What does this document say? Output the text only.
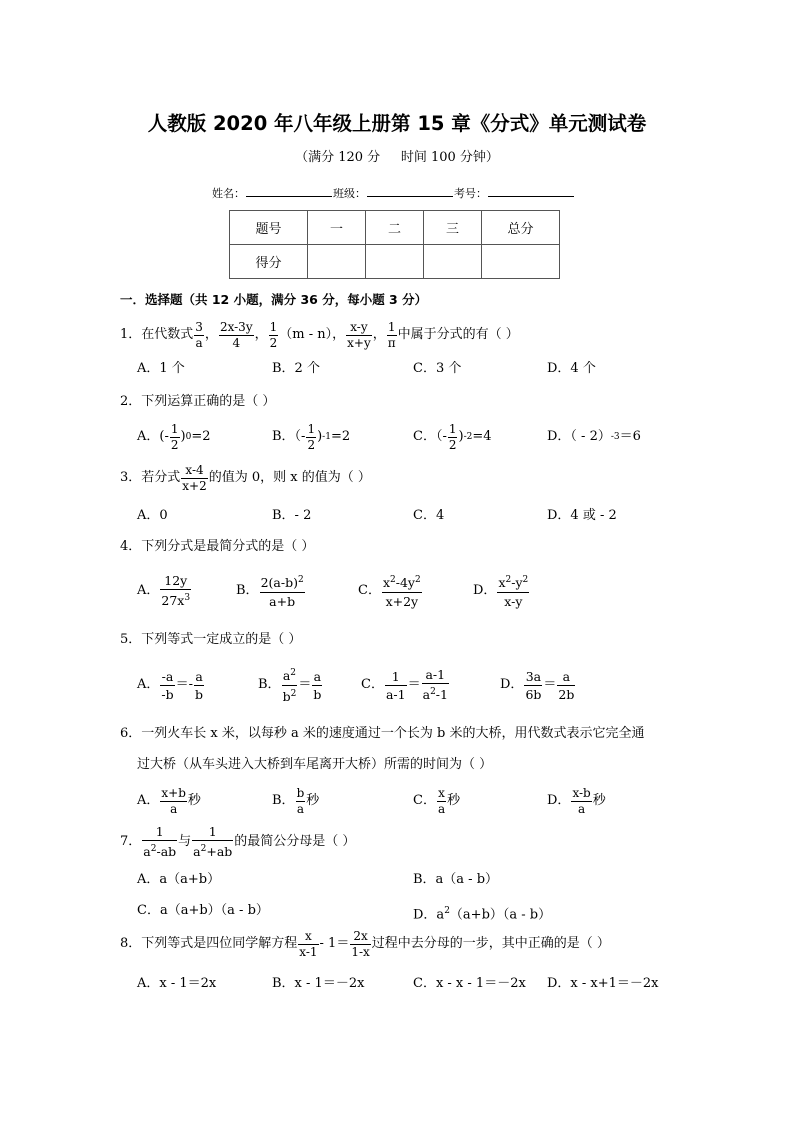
人教版 2020 年八年级上册第 15 章《分式》单元测试卷
（满分 120 分     时间 100 分钟）
姓名：	班级：	考号：
题号	一	二	三	总分
得分				
一．选择题（共 12 小题，满分 36 分，每小题 3 分）
1．在代数式 $\frac{3}{a}$ ， $\frac{2x-3y}{4}$ ， $\frac{1}{2} (m - n)$， $\frac{x-y}{x+y}$ ， $\frac{1}{\pi}$ 中属于分式的有（ ）
A．1 个	B．2 个	C．3 个	D．4 个
2．下列运算正确的是（ ）
A． (- $\frac{1}{2}$ ) 0 =2	B．（- $\frac{1}{2}$ ) -1 =2	C．（- $\frac{1}{2}$ ) -2 =4	D．（ - 2） -3 ＝6
3．若分式 $\frac{x-4}{x+2}$ 的值为 0，则 x 的值为（ ）
A．0	B．- 2	C．4	D．4 或 - 2
4．下列分式是最简分式的是（ ）
A． $\frac{12y}{27x^3}$	B． $\frac{2(a-b)^2}{a+b}$	C． $\frac{x^2-4y^2}{x+2y}$	D． $\frac{x^2-y^2}{x-y}$
5．下列等式一定成立的是（ ）
A． $\frac{-a}{-b} =- \frac{a}{b}$	B． $\frac{a^2}{b^2} = \frac{a}{b}$	C． $\frac{1}{a-1} = \frac{a-1}{a^2-1}$	D． $\frac{3a}{6b} = \frac{a}{2b}$
6．一列火车长 x 米，以每秒 a 米的速度通过一个长为 b 米的大桥，用代数式表示它完全通
过大桥（从车头进入大桥到车尾离开大桥）所需的时间为（ ）
A． $\frac{x+b}{a}$ 秒	B． $\frac{b}{a}$ 秒	C． $\frac{x}{a}$ 秒	D． $\frac{x-b}{a}$ 秒
7． $\frac{1}{a^2-ab}$ 与 $\frac{1}{a^2+ab}$ 的最简公分母是（ ）
A．a（a+b）	B．a（a - b）
C．a（a+b）（a - b）	D．$a^2(a+b)(a - b)$
8．下列等式是四位同学解方程 $\frac{x}{x-1} - 1= \frac{2x}{1-x}$ 过程中去分母的一步，其中正确的是（ ）
A．x - 1＝2x	B．x - 1＝－2x	C．x - x - 1＝－2x D．x - x+1＝－2x
